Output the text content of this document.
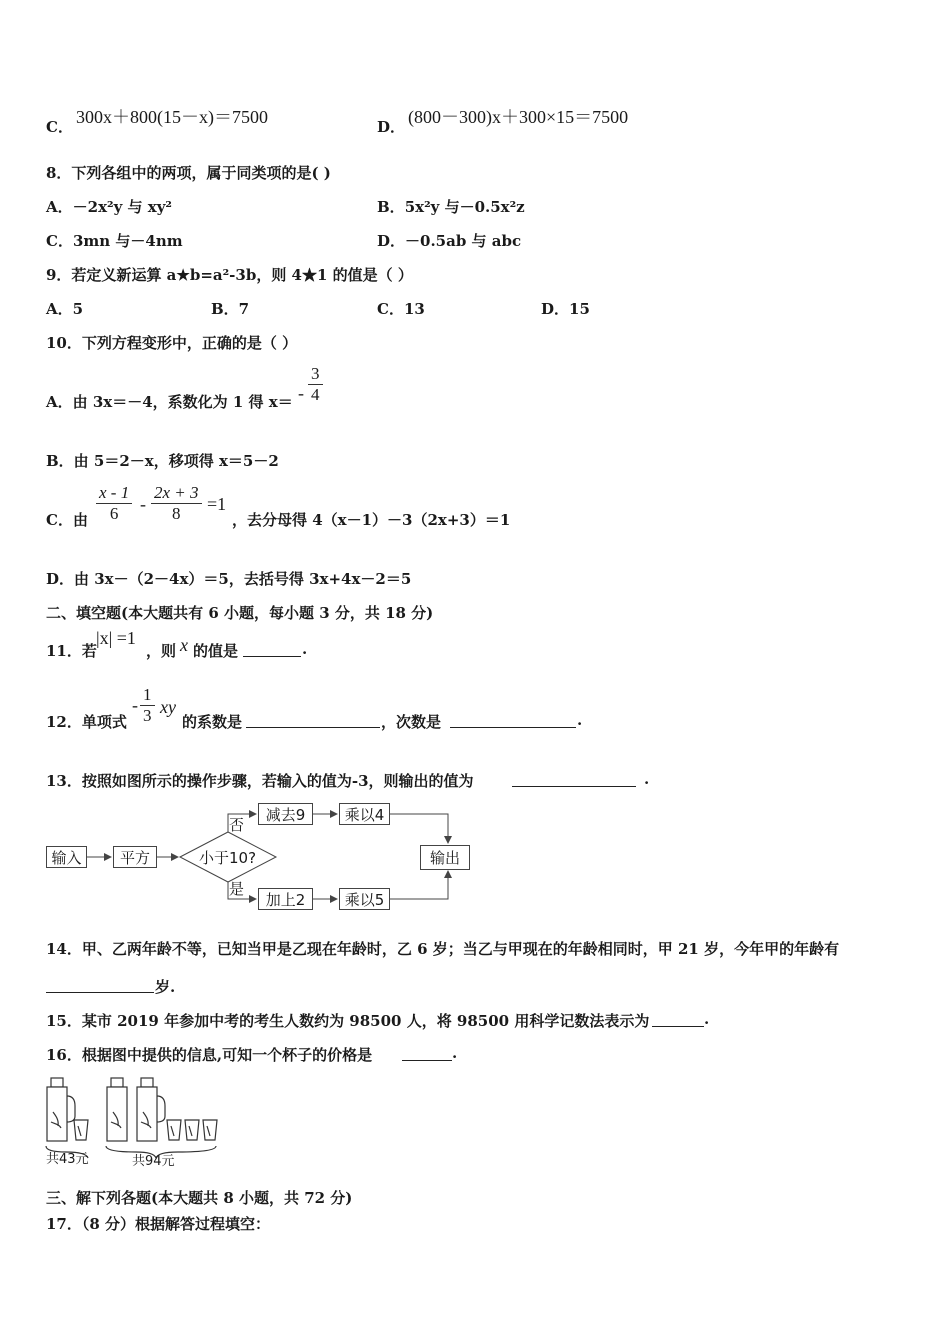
C． 300x＋800(15－x)＝7500	D． (800－300)x＋300×15＝7500
8．下列各组中的两项，属于同类项的是( )
A．－2x²y 与 xy²	B．5x²y 与－0.5x²z
C．3mn 与－4nm	D．－0.5ab 与 abc
9．若定义新运算 a★b=a²-3b，则 4★1 的值是（ ）
A．5	B．7	C．13	D．15
10．下列方程变形中，正确的是（ ）
A．由 3x＝－4，系数化为 1 得 $x= - \frac{3}{4}$
B．由 5＝2－x，移项得 x＝5－2
C．由 $\frac{x - 1}{6} - \frac{2x + 3}{8} =1$
，去分母得 4（x－1）－3（2x+3）＝1
D．由 3x－（2－4x）＝5，去括号得 3x+4x－2＝5
二、填空题(本大题共有 6 小题，每小题 3 分，共 18 分)
11．若
|x| =1
，则 x 的值是	.
12．单项式
- $\frac{1}{3}$ xy
的系数是	，次数是	.
13．按照如图所示的操作步骤，若输入的值为-3，则输出的值为	.
输入	平方	小于10?
否
是
减去9	乘以4
加上2	乘以5
输出
14．甲、乙两年龄不等，已知当甲是乙现在年龄时，乙 6 岁；当乙与甲现在的年龄相同时，甲 21 岁，今年甲的年龄有
岁.
15．某市 2019 年参加中考的考生人数约为 98500 人，将 98500 用科学记数法表示为	.
16．根据图中提供的信息,可知一个杯子的价格是	.
共43元	共94元
三、解下列各题(本大题共 8 小题，共 72 分)
17．（8 分）根据解答过程填空：
